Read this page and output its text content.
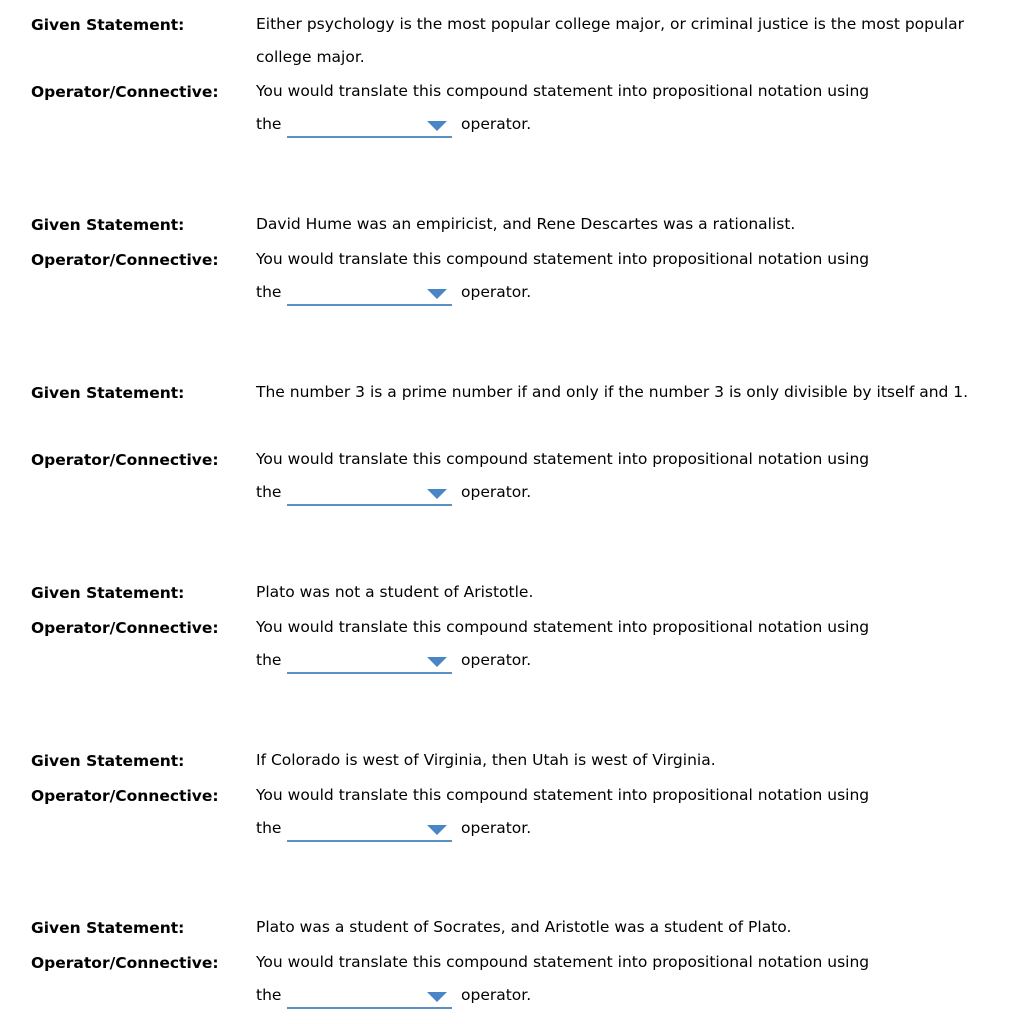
Given Statement:	Either psychology is the most popular college major, or criminal justice is the most popular college major.
Operator/Connective: You would translate this compound statement into propositional notation using
the	operator.
Given Statement:	David Hume was an empiricist, and Rene Descartes was a rationalist.
Operator/Connective: You would translate this compound statement into propositional notation using
the	operator.
Given Statement:	The number 3 is a prime number if and only if the number 3 is only divisible by itself and 1.
Operator/Connective: You would translate this compound statement into propositional notation using
the	operator.
Given Statement:	Plato was not a student of Aristotle.
Operator/Connective: You would translate this compound statement into propositional notation using
the	operator.
Given Statement:	If Colorado is west of Virginia, then Utah is west of Virginia.
Operator/Connective: You would translate this compound statement into propositional notation using
the	operator.
Given Statement:	Plato was a student of Socrates, and Aristotle was a student of Plato.
Operator/Connective: You would translate this compound statement into propositional notation using
the	operator.
